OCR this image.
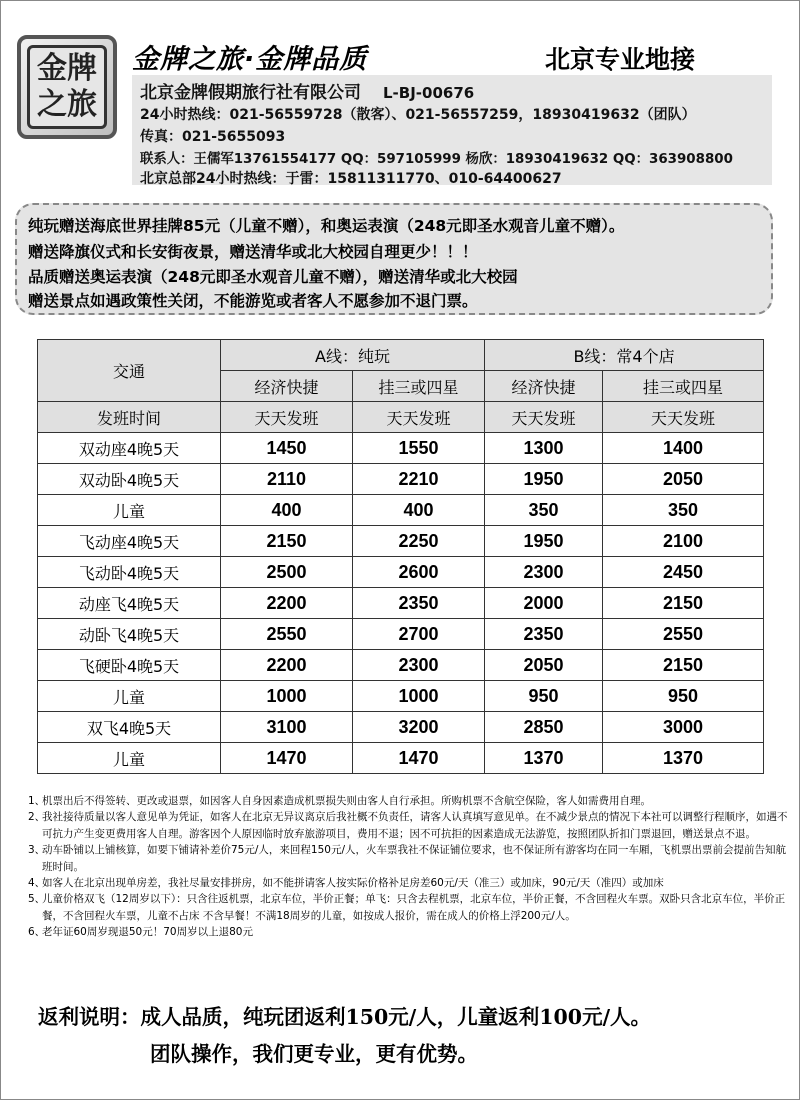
金牌
之旅
金牌之旅·金牌品质	北京专业地接
北京金牌假期旅行社有限公司 L-BJ-00676
24小时热线：021-56559728（散客）、021-56557259，18930419632（团队）
传真：021-5655093
联系人：王儒军13761554177 QQ：597105999 杨欣：18930419632 QQ：363908800
北京总部24小时热线：于雷：15811311770、010-64400627
纯玩赠送海底世界挂牌85元（儿童不赠），和奥运表演（248元即圣水观音儿童不赠）。
赠送降旗仪式和长安街夜景，赠送清华或北大校园自理更少！！！
品质赠送奥运表演（248元即圣水观音儿童不赠），赠送清华或北大校园
赠送景点如遇政策性关闭，不能游览或者客人不愿参加不退门票。
交通	A线：纯玩		B线：常4个店	
	经济快捷	挂三或四星	经济快捷	挂三或四星
发班时间	天天发班	天天发班	天天发班	天天发班
双动座4晚5天	1450	1550	1300	1400
双动卧4晚5天	2110	2210	1950	2050
儿童	400	400	350	350
飞动座4晚5天	2150	2250	1950	2100
飞动卧4晚5天	2500	2600	2300	2450
动座飞4晚5天	2200	2350	2000	2150
动卧飞4晚5天	2550	2700	2350	2550
飞硬卧4晚5天	2200	2300	2050	2150
儿童	1000	1000	950	950
双飞4晚5天	3100	3200	2850	3000
儿童	1470	1470	1370	1370
1、
机票出后不得签转、更改或退票，如因客人自身因素造成机票损失则由客人自行承担。所购机票不含航空保险，客人如需费用自理。
2、
我社接待质量以客人意见单为凭证，如客人在北京无异议离京后我社概不负责任，请客人认真填写意见单。在不减少景点的情况下本社可以调整行程顺序，如遇不可抗力产生变更费用客人自理。游客因个人原因临时放弃旅游项目，费用不退；因不可抗拒的因素造成无法游览，按照团队折扣门票退回，赠送景点不退。
3、
动车卧铺以上铺核算，如要下铺请补差价75元/人，来回程150元/人，火车票我社不保证铺位要求，也不保证所有游客均在同一车厢，飞机票出票前会提前告知航班时间。
4、
如客人在北京出现单房差，我社尽量安排拼房，如不能拼请客人按实际价格补足房差60元/天（准三）或加床，90元/天（准四）或加床
5、
儿童价格双飞（12周岁以下）：只含往返机票，北京车位，半价正餐；单飞：只含去程机票，北京车位，半价正餐，不含回程火车票。双卧只含北京车位，半价正餐，不含回程火车票，儿童不占床 不含早餐！不满18周岁的儿童，如按成人报价，需在成人的价格上浮200元/人。
6、
老年证60周岁现退50元！70周岁以上退80元
返利说明：成人品质，纯玩团返利150元/人，儿童返利100元/人。
团队操作，我们更专业，更有优势。
